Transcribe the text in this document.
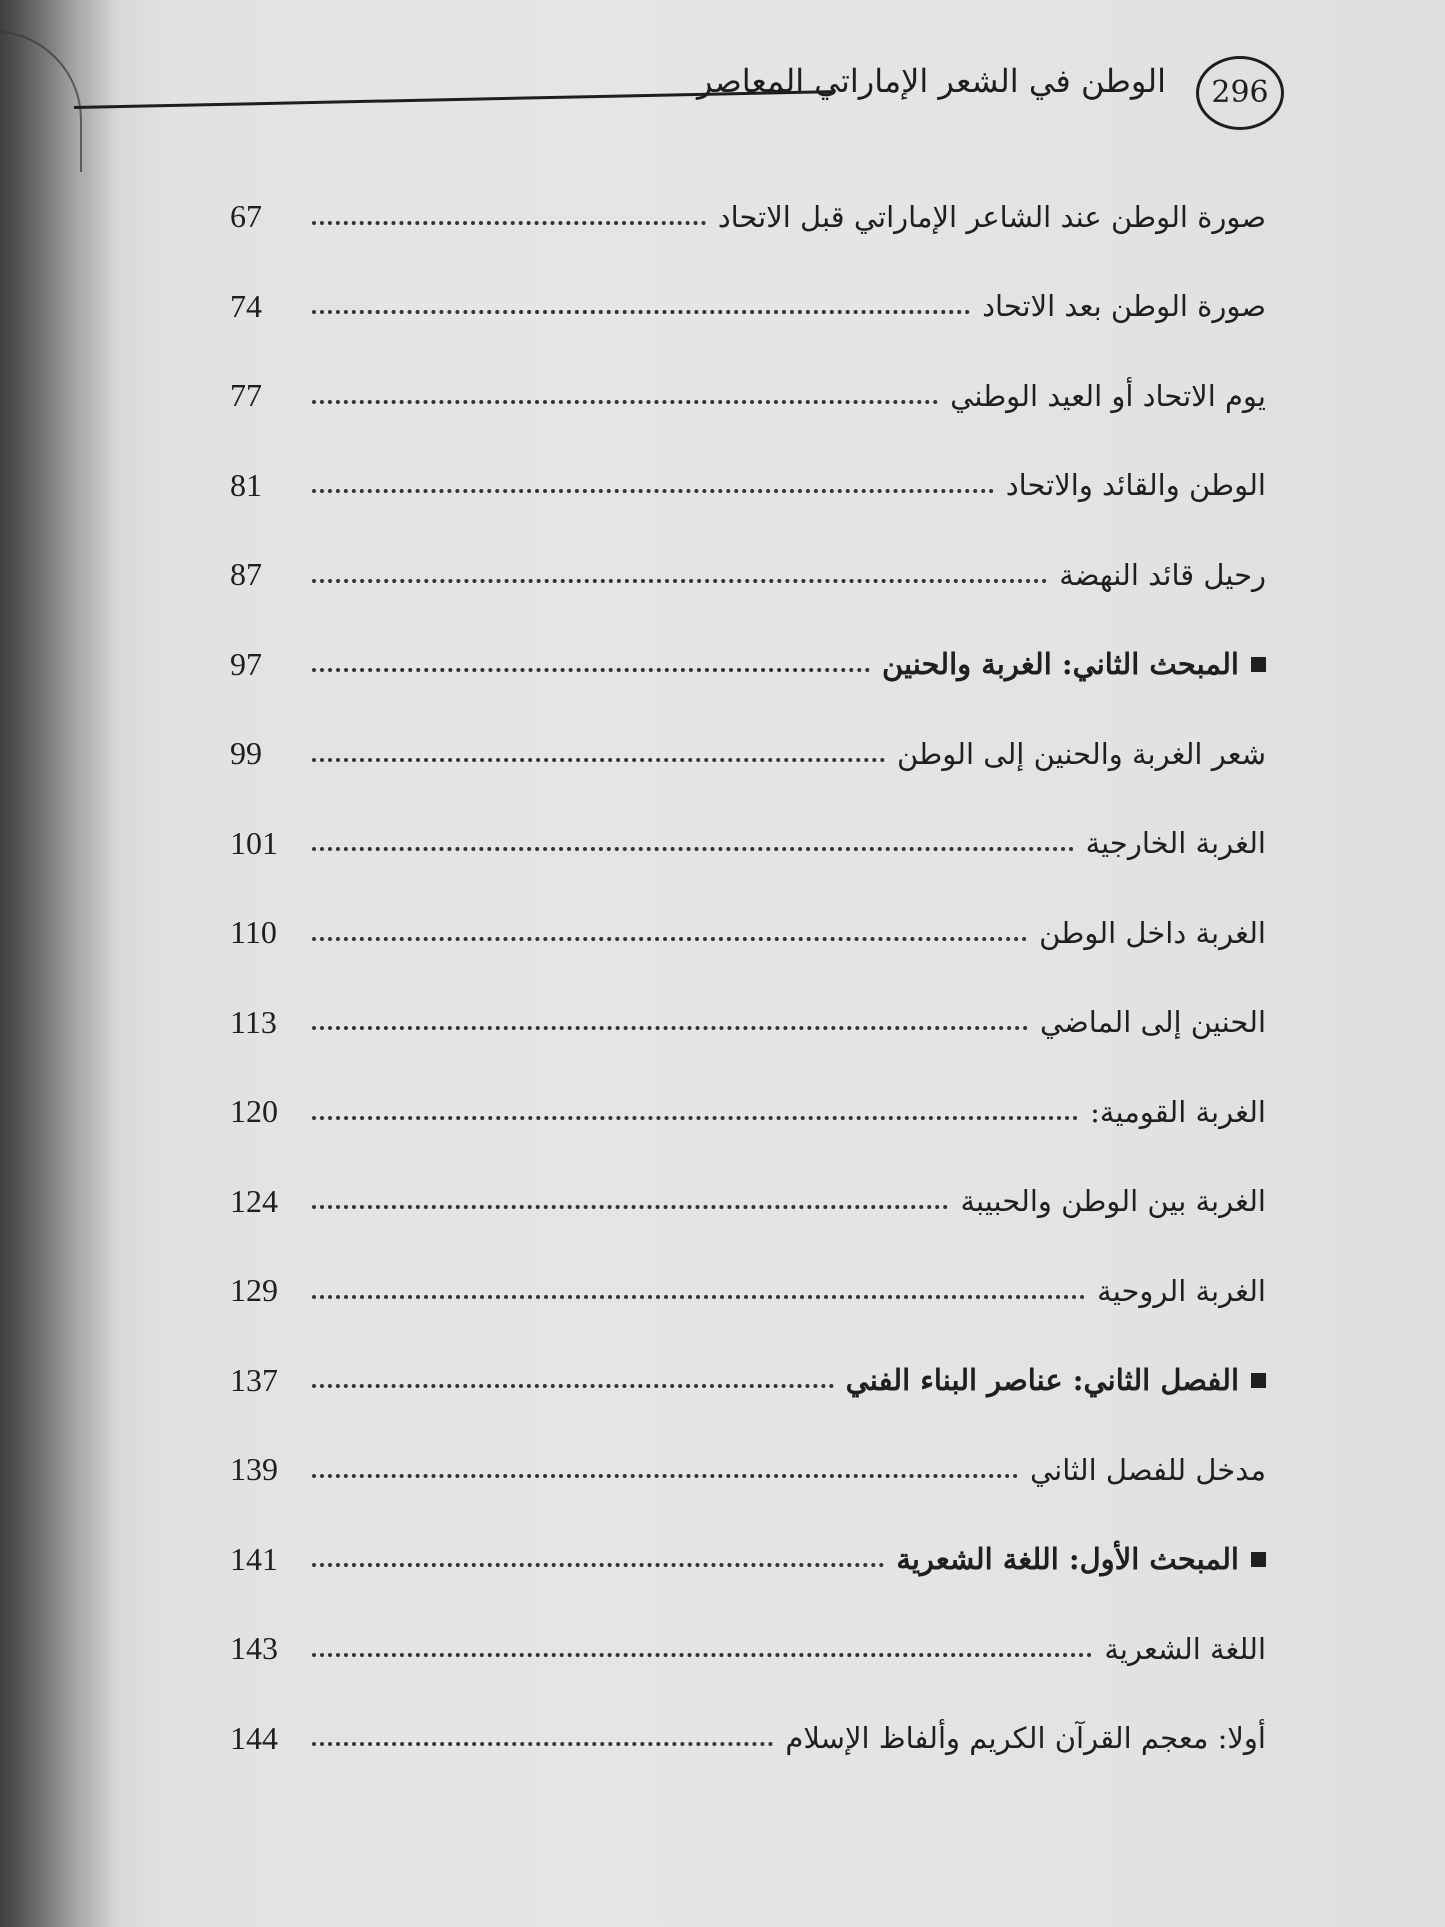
الوطن في الشعر الإماراتي المعاصر	296
صورة الوطن عند الشاعر الإماراتي قبل الاتحاد
67
صورة الوطن بعد الاتحاد
74
يوم الاتحاد أو العيد الوطني
77
الوطن والقائد والاتحاد
81
رحيل قائد النهضة
87
المبحث الثاني: الغربة والحنين
97
شعر الغربة والحنين إلى الوطن
99
الغربة الخارجية
101
الغربة داخل الوطن
110
الحنين إلى الماضي
113
الغربة القومية:
120
الغربة بين الوطن والحبيبة
124
الغربة الروحية
129
الفصل الثاني: عناصر البناء الفني
137
مدخل للفصل الثاني
139
المبحث الأول: اللغة الشعرية
141
اللغة الشعرية
143
أولا: معجم القرآن الكريم وألفاظ الإسلام
144
